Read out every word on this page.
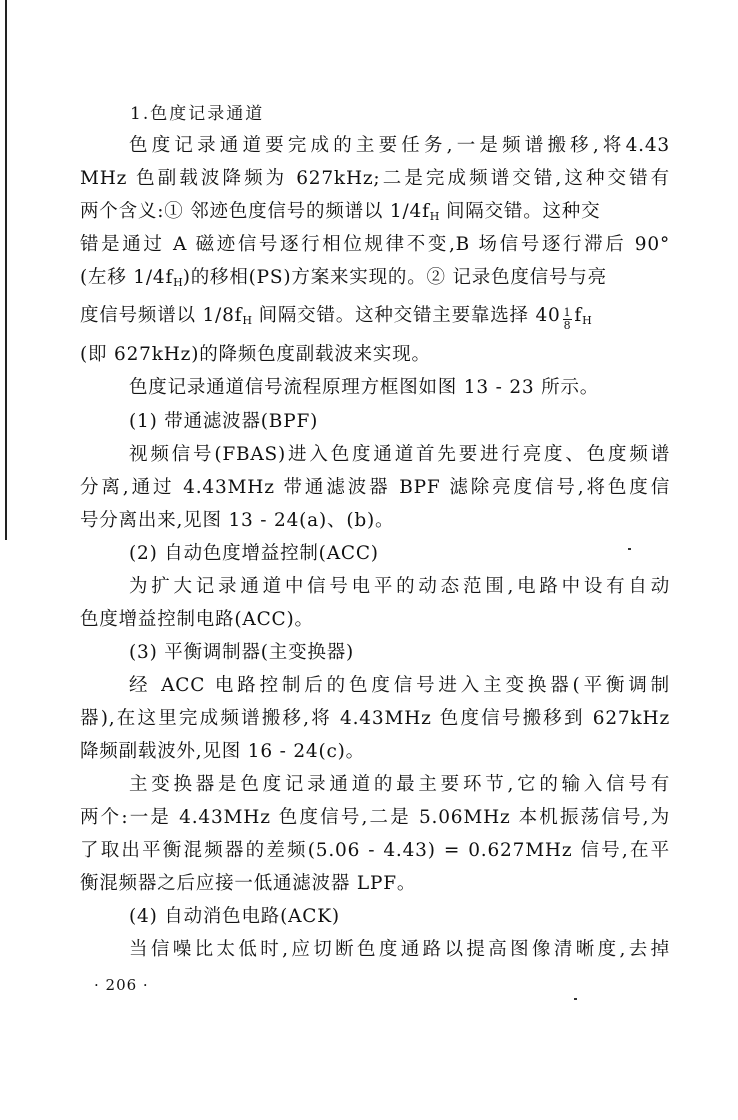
1.色度记录通道
色度记录通道要完成的主要任务,一是频谱搬移,将4.43
MHz 色副载波降频为 627kHz;二是完成频谱交错,这种交错有
两个含义:① 邻迹色度信号的频谱以 $1/4f_H$ 间隔交错。这种交
错是通过 A 磁迹信号逐行相位规律不变,B 场信号逐行滞后 90°
(左移 $1/4f_H$)的移相(PS)方案来实现的。② 记录色度信号与亮
度信号频谱以 $1/8f_H$ 间隔交错。这种交错主要靠选择 $40 \frac{1}{8} f_H$
(即 627kHz)的降频色度副载波来实现。
色度记录通道信号流程原理方框图如图 13 - 23 所示。
(1) 带通滤波器(BPF)
视频信号(FBAS)进入色度通道首先要进行亮度、色度频谱
分离,通过 4.43MHz 带通滤波器 BPF 滤除亮度信号,将色度信
号分离出来,见图 13 - 24(a)、(b)。
(2) 自动色度增益控制(ACC)
为扩大记录通道中信号电平的动态范围,电路中设有自动
色度增益控制电路(ACC)。
(3) 平衡调制器(主变换器)
经 ACC 电路控制后的色度信号进入主变换器(平衡调制
器),在这里完成频谱搬移,将 4.43MHz 色度信号搬移到 627kHz
降频副载波外,见图 16 - 24(c)。
主变换器是色度记录通道的最主要环节,它的输入信号有
两个:一是 4.43MHz 色度信号,二是 5.06MHz 本机振荡信号,为
了取出平衡混频器的差频(5.06 - 4.43) = 0.627MHz 信号,在平
衡混频器之后应接一低通滤波器 LPF。
(4) 自动消色电路(ACK)
当信噪比太低时,应切断色度通路以提高图像清晰度,去掉
· 206 ·
